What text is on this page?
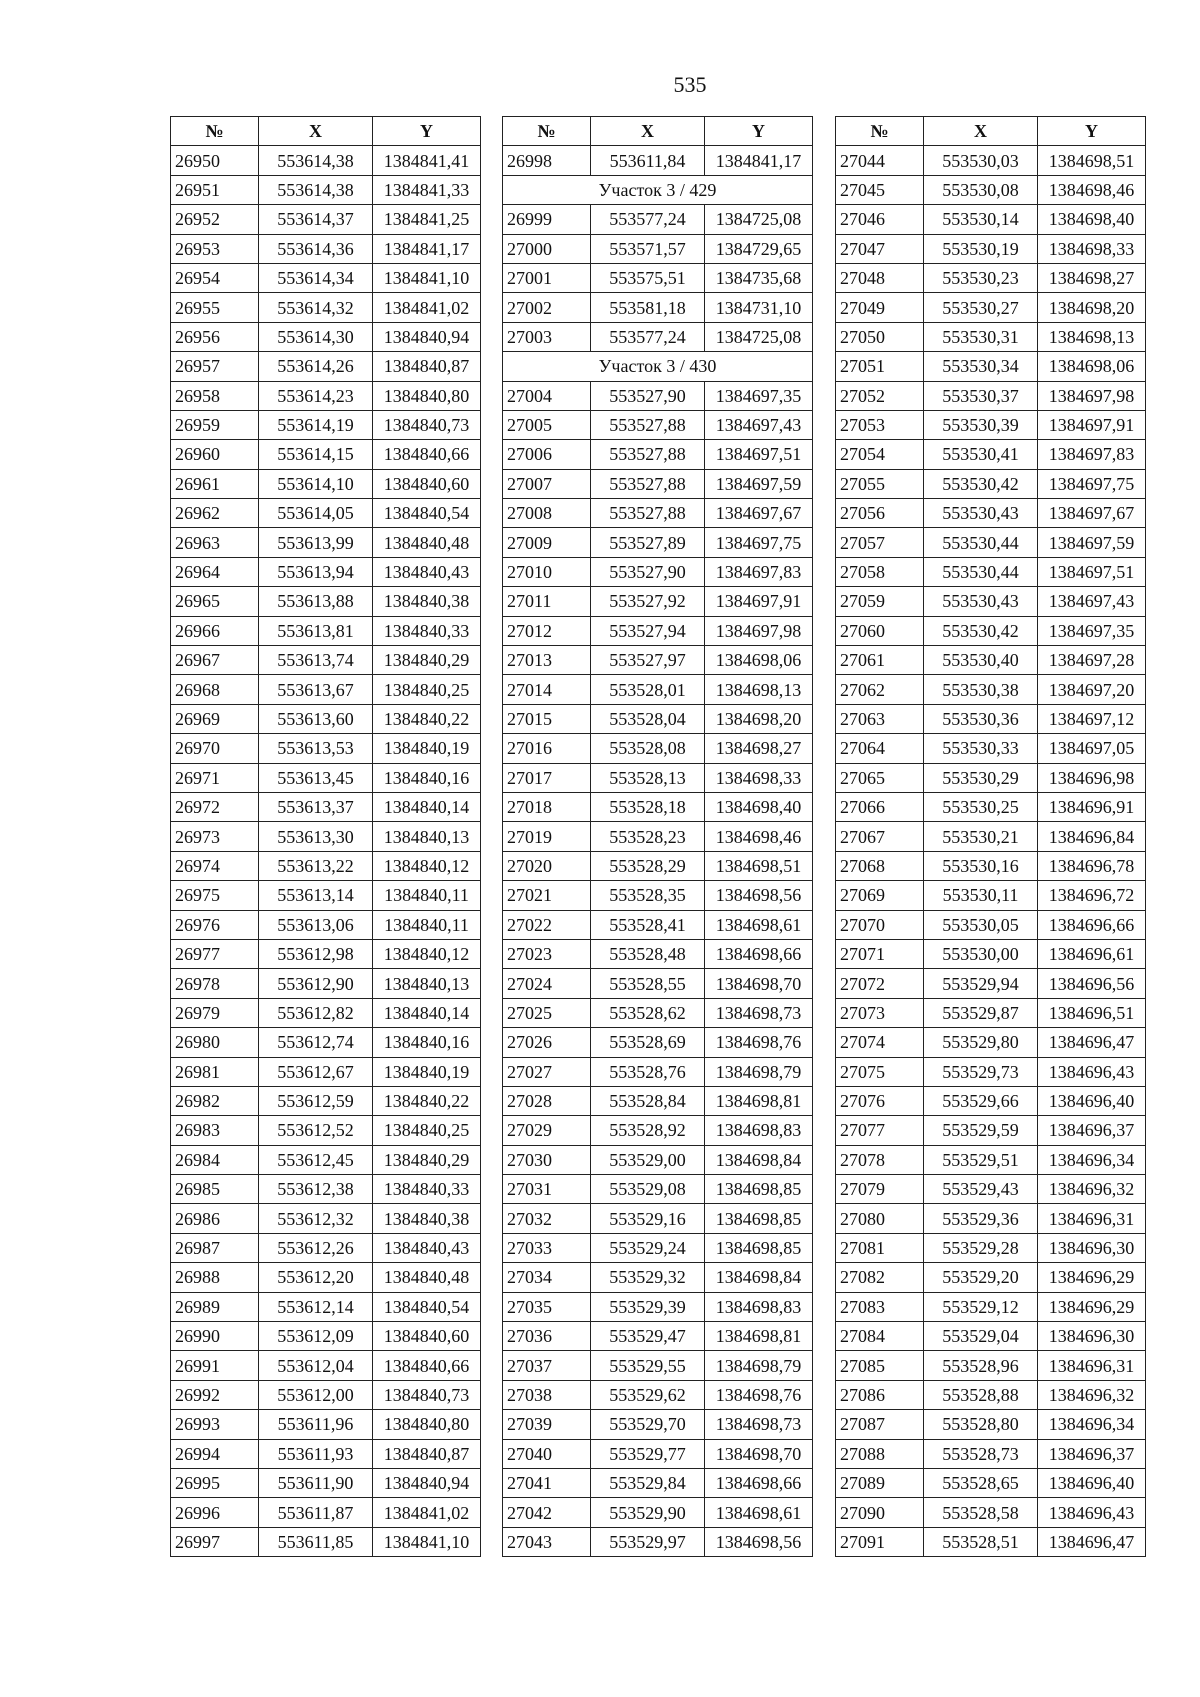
535
№	X	Y
26950	553614,38	1384841,41
26951	553614,38	1384841,33
26952	553614,37	1384841,25
26953	553614,36	1384841,17
26954	553614,34	1384841,10
26955	553614,32	1384841,02
26956	553614,30	1384840,94
26957	553614,26	1384840,87
26958	553614,23	1384840,80
26959	553614,19	1384840,73
26960	553614,15	1384840,66
26961	553614,10	1384840,60
26962	553614,05	1384840,54
26963	553613,99	1384840,48
26964	553613,94	1384840,43
26965	553613,88	1384840,38
26966	553613,81	1384840,33
26967	553613,74	1384840,29
26968	553613,67	1384840,25
26969	553613,60	1384840,22
26970	553613,53	1384840,19
26971	553613,45	1384840,16
26972	553613,37	1384840,14
26973	553613,30	1384840,13
26974	553613,22	1384840,12
26975	553613,14	1384840,11
26976	553613,06	1384840,11
26977	553612,98	1384840,12
26978	553612,90	1384840,13
26979	553612,82	1384840,14
26980	553612,74	1384840,16
26981	553612,67	1384840,19
26982	553612,59	1384840,22
26983	553612,52	1384840,25
26984	553612,45	1384840,29
26985	553612,38	1384840,33
26986	553612,32	1384840,38
26987	553612,26	1384840,43
26988	553612,20	1384840,48
26989	553612,14	1384840,54
26990	553612,09	1384840,60
26991	553612,04	1384840,66
26992	553612,00	1384840,73
26993	553611,96	1384840,80
26994	553611,93	1384840,87
26995	553611,90	1384840,94
26996	553611,87	1384841,02
26997	553611,85	1384841,10
№	X	Y
26998	553611,84	1384841,17
Участок 3 / 429		
26999	553577,24	1384725,08
27000	553571,57	1384729,65
27001	553575,51	1384735,68
27002	553581,18	1384731,10
27003	553577,24	1384725,08
Участок 3 / 430		
27004	553527,90	1384697,35
27005	553527,88	1384697,43
27006	553527,88	1384697,51
27007	553527,88	1384697,59
27008	553527,88	1384697,67
27009	553527,89	1384697,75
27010	553527,90	1384697,83
27011	553527,92	1384697,91
27012	553527,94	1384697,98
27013	553527,97	1384698,06
27014	553528,01	1384698,13
27015	553528,04	1384698,20
27016	553528,08	1384698,27
27017	553528,13	1384698,33
27018	553528,18	1384698,40
27019	553528,23	1384698,46
27020	553528,29	1384698,51
27021	553528,35	1384698,56
27022	553528,41	1384698,61
27023	553528,48	1384698,66
27024	553528,55	1384698,70
27025	553528,62	1384698,73
27026	553528,69	1384698,76
27027	553528,76	1384698,79
27028	553528,84	1384698,81
27029	553528,92	1384698,83
27030	553529,00	1384698,84
27031	553529,08	1384698,85
27032	553529,16	1384698,85
27033	553529,24	1384698,85
27034	553529,32	1384698,84
27035	553529,39	1384698,83
27036	553529,47	1384698,81
27037	553529,55	1384698,79
27038	553529,62	1384698,76
27039	553529,70	1384698,73
27040	553529,77	1384698,70
27041	553529,84	1384698,66
27042	553529,90	1384698,61
27043	553529,97	1384698,56
№	X	Y
27044	553530,03	1384698,51
27045	553530,08	1384698,46
27046	553530,14	1384698,40
27047	553530,19	1384698,33
27048	553530,23	1384698,27
27049	553530,27	1384698,20
27050	553530,31	1384698,13
27051	553530,34	1384698,06
27052	553530,37	1384697,98
27053	553530,39	1384697,91
27054	553530,41	1384697,83
27055	553530,42	1384697,75
27056	553530,43	1384697,67
27057	553530,44	1384697,59
27058	553530,44	1384697,51
27059	553530,43	1384697,43
27060	553530,42	1384697,35
27061	553530,40	1384697,28
27062	553530,38	1384697,20
27063	553530,36	1384697,12
27064	553530,33	1384697,05
27065	553530,29	1384696,98
27066	553530,25	1384696,91
27067	553530,21	1384696,84
27068	553530,16	1384696,78
27069	553530,11	1384696,72
27070	553530,05	1384696,66
27071	553530,00	1384696,61
27072	553529,94	1384696,56
27073	553529,87	1384696,51
27074	553529,80	1384696,47
27075	553529,73	1384696,43
27076	553529,66	1384696,40
27077	553529,59	1384696,37
27078	553529,51	1384696,34
27079	553529,43	1384696,32
27080	553529,36	1384696,31
27081	553529,28	1384696,30
27082	553529,20	1384696,29
27083	553529,12	1384696,29
27084	553529,04	1384696,30
27085	553528,96	1384696,31
27086	553528,88	1384696,32
27087	553528,80	1384696,34
27088	553528,73	1384696,37
27089	553528,65	1384696,40
27090	553528,58	1384696,43
27091	553528,51	1384696,47
